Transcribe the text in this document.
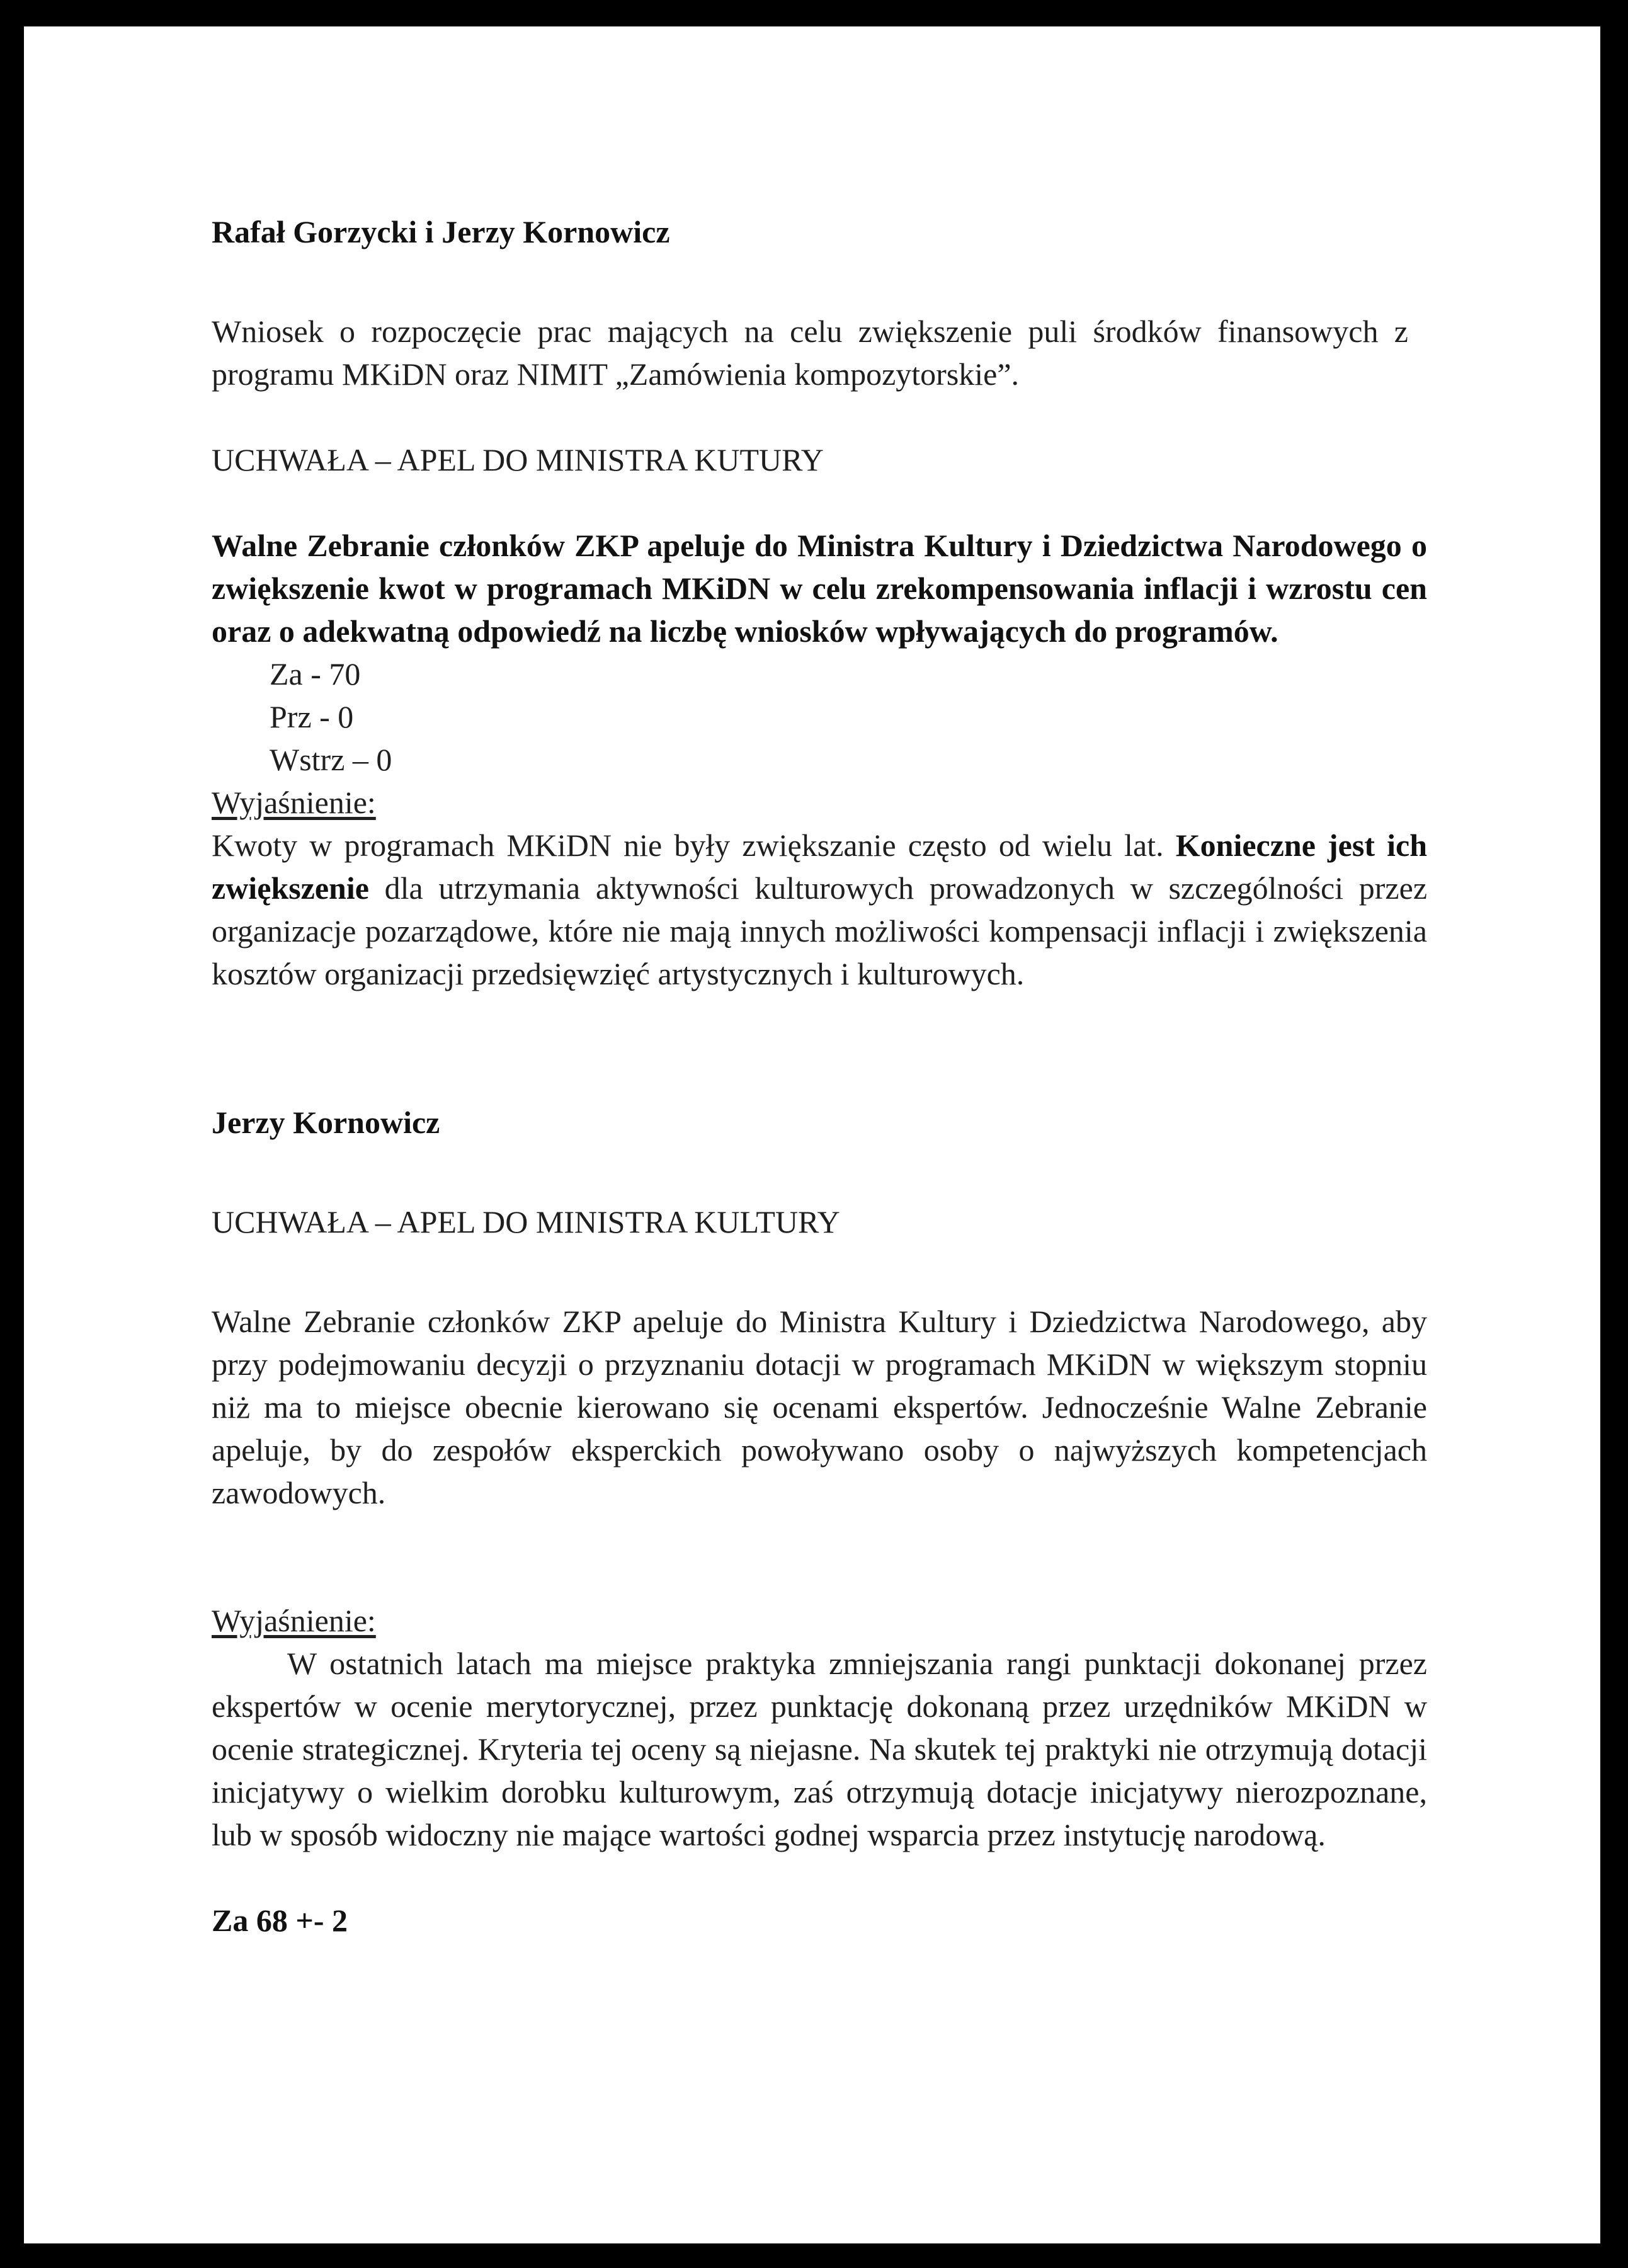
Rafał Gorzycki i Jerzy Kornowicz

Wniosek o rozpoczęcie prac mających na celu zwiększenie puli środków finansowych z programu MKiDN oraz NIMIT „Zamówienia kompozytorskie”.

UCHWAŁA – APEL DO MINISTRA KUTURY

Walne Zebranie członków ZKP apeluje do Ministra Kultury i Dziedzictwa Narodowego o zwiększenie kwot w programach MKiDN w celu zrekompensowania inflacji i wzrostu cen oraz o adekwatną odpowiedź na liczbę wniosków wpływających do programów.

Za - 70

Prz - 0

Wstrz – 0

Wyjaśnienie:

Kwoty w programach MKiDN nie były zwiększanie często od wielu lat. Konieczne jest ich zwiększenie dla utrzymania aktywności kulturowych prowadzonych w szczególności przez organizacje pozarządowe, które nie mają innych możliwości kompensacji inflacji i zwiększenia kosztów organizacji przedsięwzięć artystycznych i kulturowych.

Jerzy Kornowicz

UCHWAŁA – APEL DO MINISTRA KULTURY

Walne Zebranie członków ZKP apeluje do Ministra Kultury i Dziedzictwa Narodowego, aby przy podejmowaniu decyzji o przyznaniu dotacji w programach MKiDN w większym stopniu niż ma to miejsce obecnie kierowano się ocenami ekspertów. Jednocześnie Walne Zebranie apeluje, by do zespołów eksperckich powoływano osoby o najwyższych kompetencjach zawodowych.

Wyjaśnienie:

W ostatnich latach ma miejsce praktyka zmniejszania rangi punktacji dokonanej przez ekspertów w ocenie merytorycznej, przez punktację dokonaną przez urzędników MKiDN w ocenie strategicznej. Kryteria tej oceny są niejasne. Na skutek tej praktyki nie otrzymują dotacji inicjatywy o wielkim dorobku kulturowym, zaś otrzymują dotacje inicjatywy nierozpoznane, lub w sposób widoczny nie mające wartości godnej wsparcia przez instytucję narodową.

Za 68 +- 2
